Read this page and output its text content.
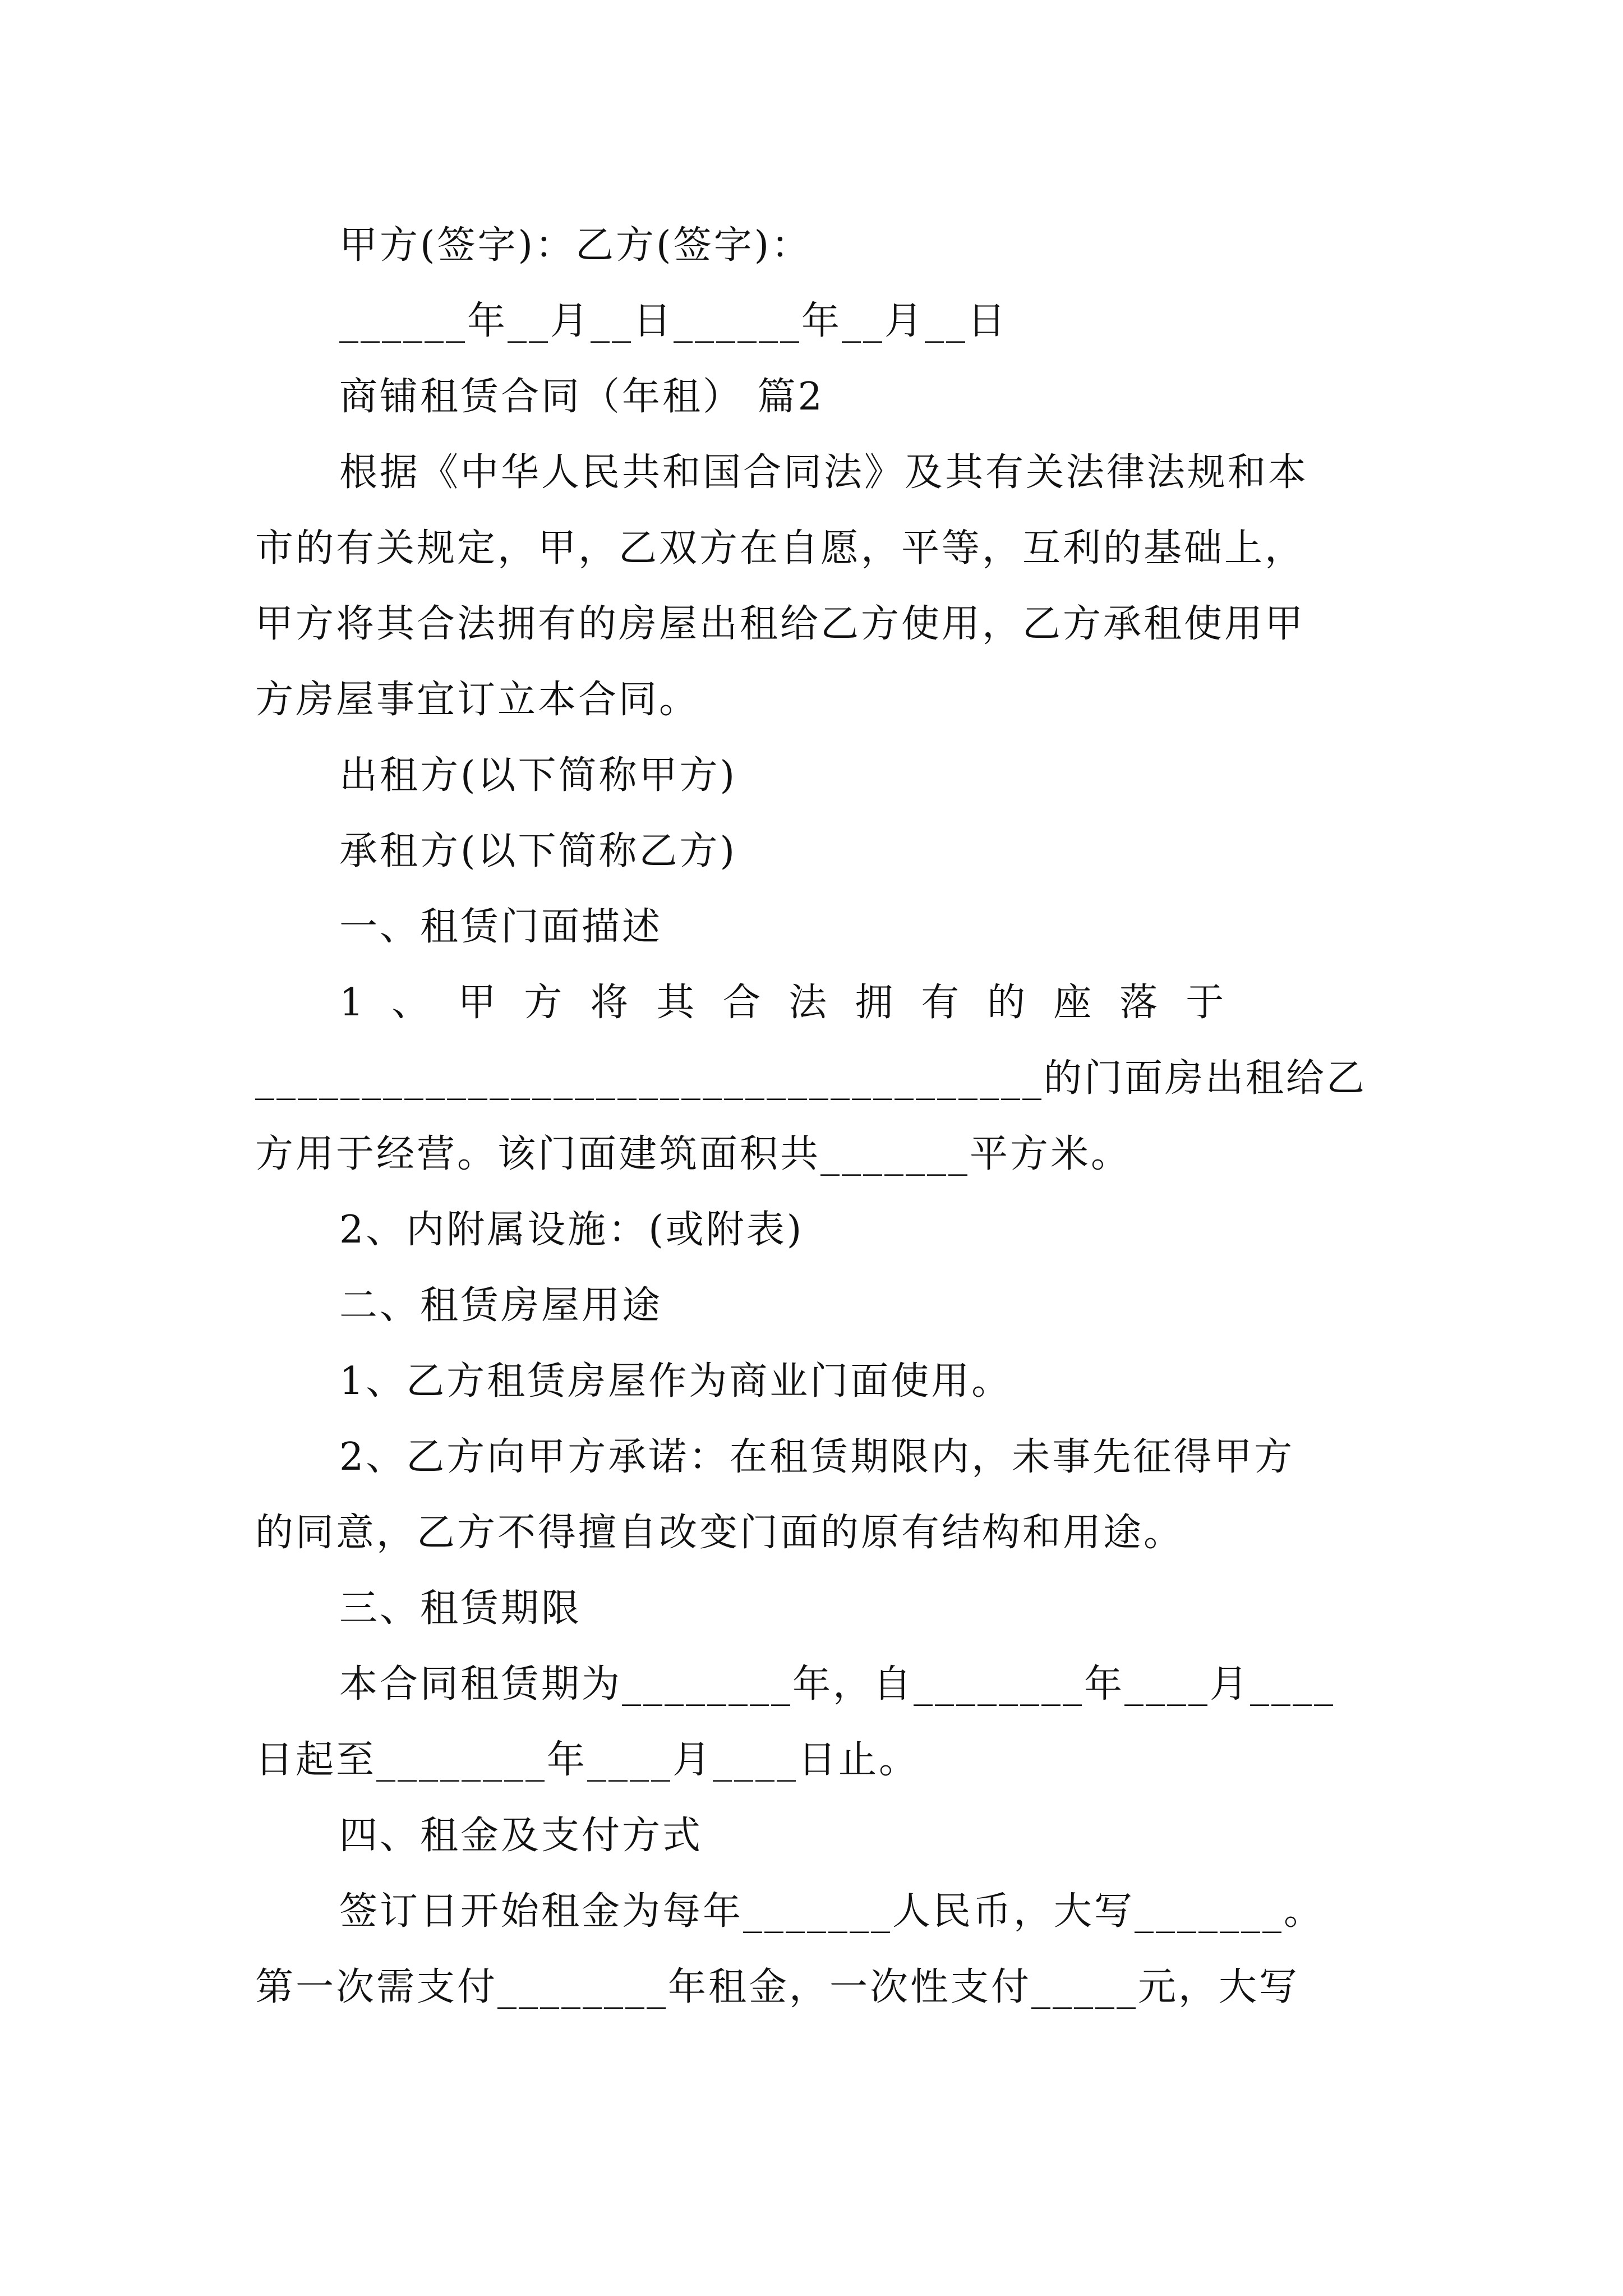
甲方(签字)：乙方(签字)：
______年__月__日______年__月__日
商铺租赁合同（年租） 篇2
根据《中华人民共和国合同法》及其有关法律法规和本
市的有关规定，甲，乙双方在自愿，平等，互利的基础上，
甲方将其合法拥有的房屋出租给乙方使用，乙方承租使用甲
方房屋事宜订立本合同。
出租方(以下简称甲方)
承租方(以下简称乙方)
一、租赁门面描述
1、甲方将其合法拥有的座落于
_____________________________________的门面房出租给乙
方用于经营。该门面建筑面积共_______平方米。
2、内附属设施：(或附表)
二、租赁房屋用途
1、乙方租赁房屋作为商业门面使用。
2、乙方向甲方承诺：在租赁期限内，未事先征得甲方
的同意，乙方不得擅自改变门面的原有结构和用途。
三、租赁期限
本合同租赁期为________年，自________年____月____
日起至________年____月____日止。
四、租金及支付方式
签订日开始租金为每年_______人民币，大写_______。
第一次需支付________年租金，一次性支付_____元，大写
